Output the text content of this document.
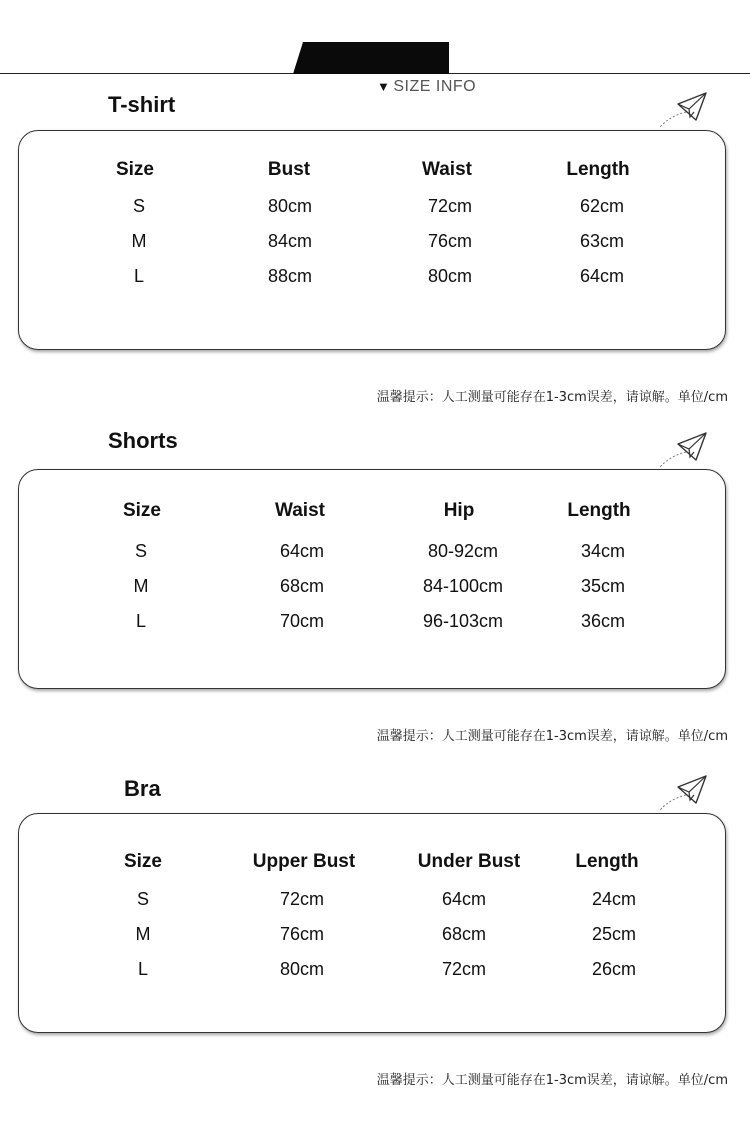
▼ SIZE INFO
T-shirt
Size	Bust	Waist	Length
S	80cm	72cm	62cm
M	84cm	76cm	63cm
L	88cm	80cm	64cm
温馨提示：人工测量可能存在1-3cm误差，请谅解。单位/cm
Shorts
Size	Waist	Hip	Length
S	64cm	80-92cm	34cm
M	68cm	84-100cm	35cm
L	70cm	96-103cm	36cm
温馨提示：人工测量可能存在1-3cm误差，请谅解。单位/cm
Bra
Size	Upper Bust	Under Bust	Length
S	72cm	64cm	24cm
M	76cm	68cm	25cm
L	80cm	72cm	26cm
温馨提示：人工测量可能存在1-3cm误差，请谅解。单位/cm
